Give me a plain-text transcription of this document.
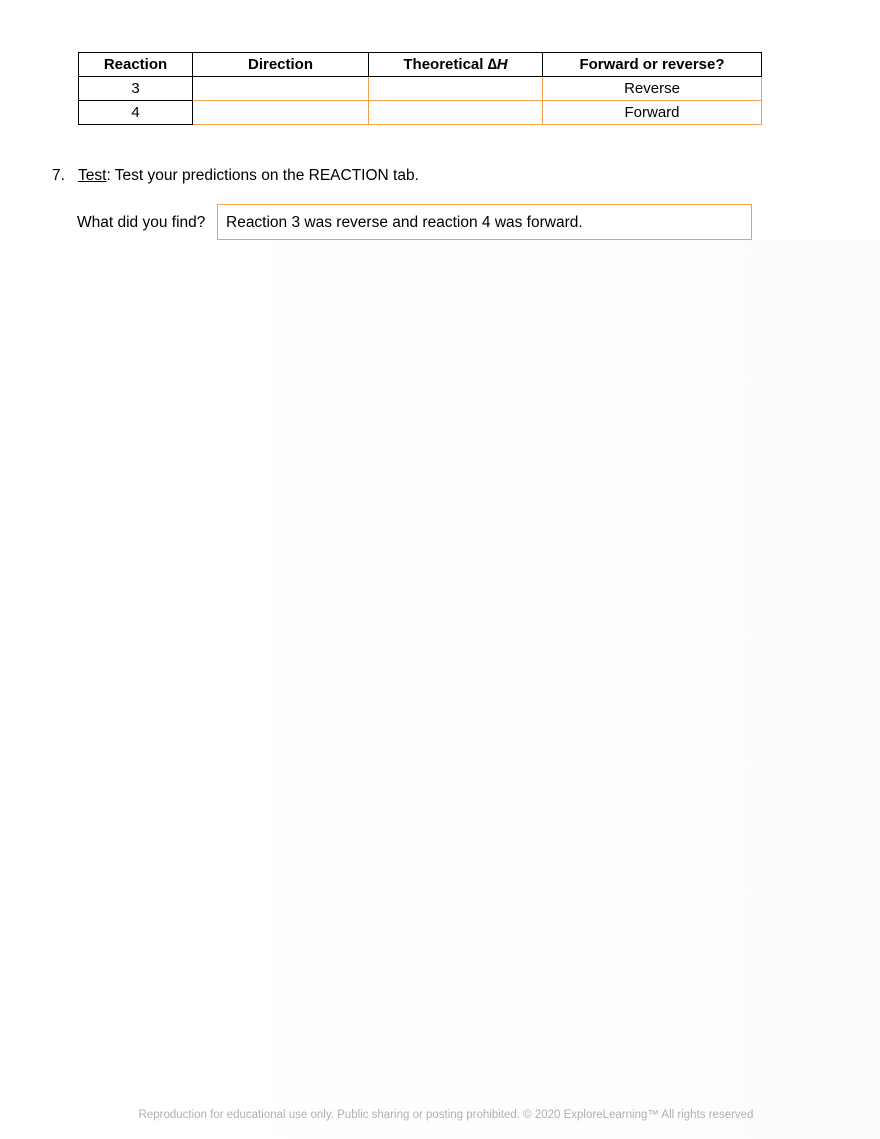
Reaction	Direction	Theoretical ∆H	Forward or reverse?
3			Reverse
4			Forward
7. Test: Test your predictions on the REACTION tab.
What did you find?	Reaction 3 was reverse and reaction 4 was forward.
Reproduction for educational use only. Public sharing or posting prohibited. © 2020 ExploreLearning™ All rights reserved
